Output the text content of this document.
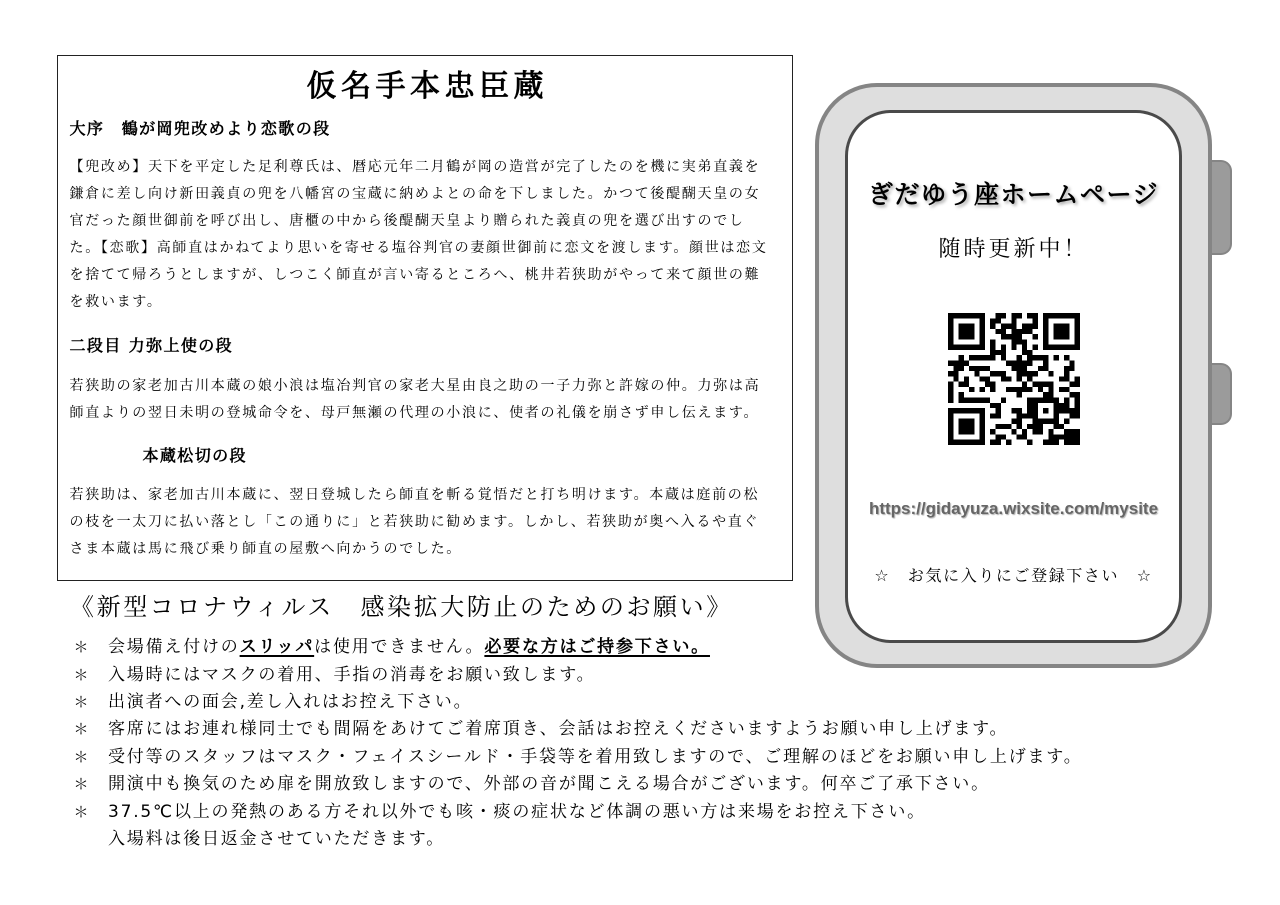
仮名手本忠臣蔵
大序　鶴が岡兜改めより恋歌の段
【兜改め】天下を平定した足利尊氏は、暦応元年二月鶴が岡の造営が完了したのを機に実弟直義を
鎌倉に差し向け新田義貞の兜を八幡宮の宝蔵に納めよとの命を下しました。かつて後醍醐天皇の女
官だった顔世御前を呼び出し、唐櫃の中から後醍醐天皇より贈られた義貞の兜を選び出すのでし
た。【恋歌】高師直はかねてより思いを寄せる塩谷判官の妻顔世御前に恋文を渡します。顔世は恋文
を捨てて帰ろうとしますが、しつこく師直が言い寄るところへ、桃井若狭助がやって来て顔世の難
を救います。
二段目 力弥上使の段
若狭助の家老加古川本蔵の娘小浪は塩冶判官の家老大星由良之助の一子力弥と許嫁の仲。力弥は高
師直よりの翌日未明の登城命令を、母戸無瀬の代理の小浪に、使者の礼儀を崩さず申し伝えます。
本蔵松切の段
若狭助は、家老加古川本蔵に、翌日登城したら師直を斬る覚悟だと打ち明けます。本蔵は庭前の松
の枝を一太刀に払い落とし「この通りに」と若狭助に勧めます。しかし、若狭助が奥へ入るや直ぐ
さま本蔵は馬に飛び乗り師直の屋敷へ向かうのでした。
《新型コロナウィルス　感染拡大防止のためのお願い》
＊ 会場備え付けのスリッパは使用できません。必要な方はご持参下さい。
＊ 入場時にはマスクの着用、手指の消毒をお願い致します。
＊ 出演者への面会,差し入れはお控え下さい。
＊ 客席にはお連れ様同士でも間隔をあけてご着席頂き、会話はお控えくださいますようお願い申し上げます。
＊ 受付等のスタッフはマスク・フェイスシールド・手袋等を着用致しますので、ご理解のほどをお願い申し上げます。
＊ 開演中も換気のため扉を開放致しますので、外部の音が聞こえる場合がございます。何卒ご了承下さい。
＊ 37.5℃以上の発熱のある方それ以外でも咳・痰の症状など体調の悪い方は来場をお控え下さい。
入場料は後日返金させていただきます。
ぎだゆう座ホームページ
随時更新中！
https://gidayuza.wixsite.com/mysite
☆　お気に入りにご登録下さい　☆
